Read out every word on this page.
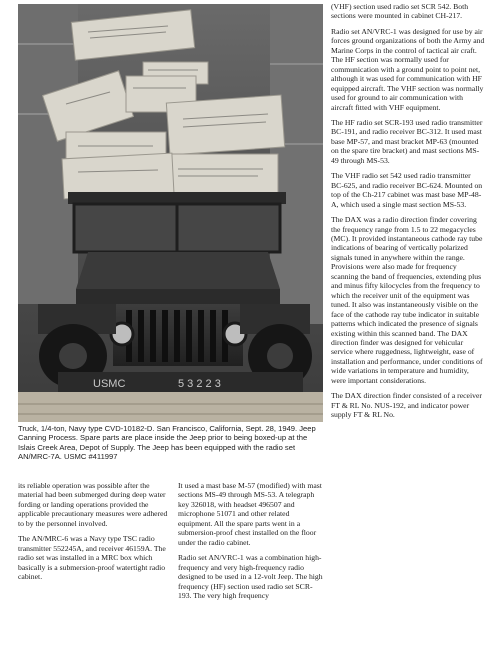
USMC	5 3 2 2 3

Truck, 1/4-ton, Navy type CVD-10182-D. San Francisco, California, Sept. 28, 1949. Jeep Canning Process. Spare parts are place inside the Jeep prior to being boxed-up at the Islais Creek Area, Depot of Supply. The Jeep has been equipped with the radio set AN/MRC-7A. USMC #411997

its reliable operation was possible after the material had been submerged during deep water fording or landing operations provided the applicable precautionary measures were adhered to by the personnel involved.

The AN/MRC-6 was a Navy type TSC radio transmitter 552245A, and receiver 46159A. The radio set was installed in a MRC box which basically is a submersion-proof watertight radio cabinet.

It used a mast base M-57 (modified) with mast sections MS-49 through MS-53. A telegraph key 326018, with headset 496507 and microphone 51071 and other related equipment. All the spare parts went in a submersion-proof chest installed on the floor under the radio cabinet.

Radio set AN/VRC-1 was a combination high-frequency and very high-frequency radio designed to be used in a 12-volt Jeep. The high frequency (HF) section used radio set SCR-193. The very high frequency

(VHF) section used radio set SCR 542. Both sections were mounted in cabinet CH-217.

Radio set AN/VRC-1 was designed for use by air forces ground organizations of both the Army and Marine Corps in the control of tactical air craft. The HF section was normally used for communication with a ground point to point net, although it was used for communication with HF equipped aircraft. The VHF section was normally used for ground to air communication with aircraft fitted with VHF equipment.

The HF radio set SCR-193 used radio transmitter BC-191, and radio receiver BC-312. It used mast base MP-57, and mast bracket MP-63 (mounted on the spare tire bracket) and mast sections MS-49 through MS-53.

The VHF radio set 542 used radio transmitter BC-625, and radio receiver BC-624. Mounted on top of the Ch-217 cabinet was mast base MP-48-A, which used a single mast section MS-53.

The DAX was a radio direction finder covering the frequency range from 1.5 to 22 megacycles (MC). It provided instantaneous cathode ray tube indications of bearing of vertically polarized signals tuned in anywhere within the range. Provisions were also made for frequency scanning the band of frequencies, extending plus and minus fifty kilocycles from the frequency to which the receiver unit of the equipment was tuned. It also was instantaneously visible on the face of the cathode ray tube indicator in suitable patterns which indicated the presence of signals existing within this scanned band. The DAX direction finder was designed for vehicular service where ruggedness, lightweight, ease of installation and performance, under conditions of wide variations in temperature and humidity, were important considerations.

The DAX direction finder consisted of a receiver FT & RL No. NUS-192, and indicator power supply FT & RL No.
